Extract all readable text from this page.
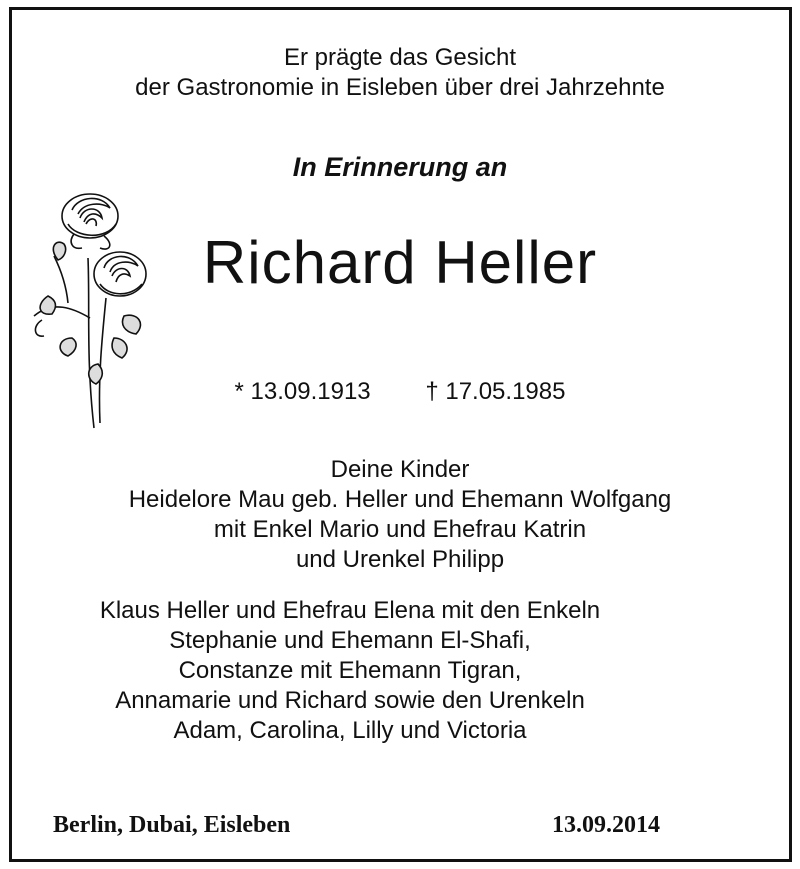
Er prägte das Gesicht
der Gastronomie in Eisleben über drei Jahrzehnte
In Erinnerung an
Richard Heller
* 13.09.1913 † 17.05.1985
Deine Kinder
Heidelore Mau geb. Heller und Ehemann Wolfgang
mit Enkel Mario und Ehefrau Katrin
und Urenkel Philipp
Klaus Heller und Ehefrau Elena mit den Enkeln
Stephanie und Ehemann El-Shafi,
Constanze mit Ehemann Tigran,
Annamarie und Richard sowie den Urenkeln
Adam, Carolina, Lilly und Victoria
Berlin, Dubai, Eisleben	13.09.2014
